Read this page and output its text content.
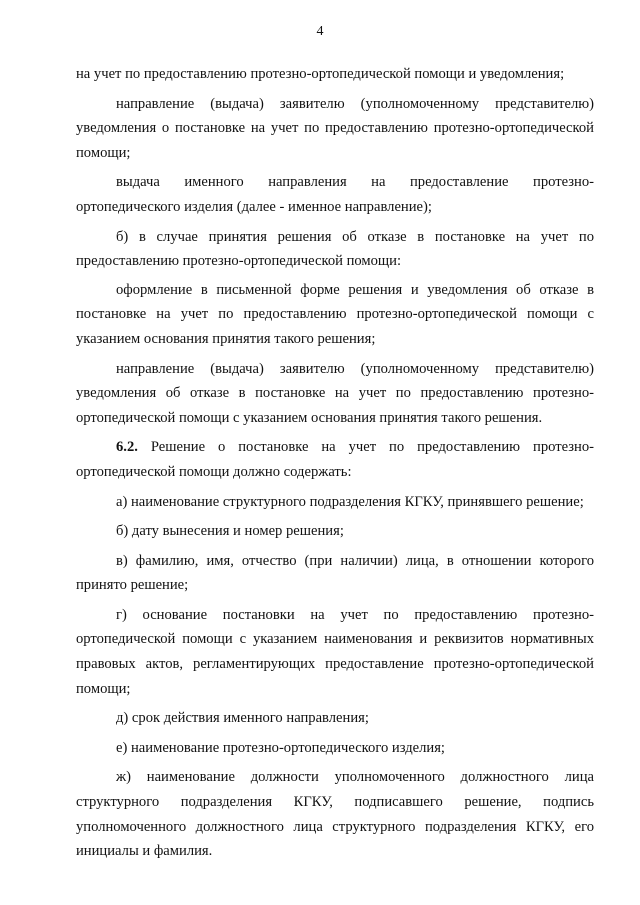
4

на учет по предоставлению протезно-ортопедической помощи и уведомления;

направление (выдача) заявителю (уполномоченному представителю) уведомления о постановке на учет по предоставлению протезно-ортопедической помощи;

выдача именного направления на предоставление протезно-ортопедического изделия (далее - именное направление);

б) в случае принятия решения об отказе в постановке на учет по предоставлению протезно-ортопедической помощи:

оформление в письменной форме решения и уведомления об отказе в постановке на учет по предоставлению протезно-ортопедической помощи с указанием основания принятия такого решения;

направление (выдача) заявителю (уполномоченному представителю) уведомления об отказе в постановке на учет по предоставлению протезно-ортопедической помощи с указанием основания принятия такого решения.

6.2. Решение о постановке на учет по предоставлению протезно-ортопедической помощи должно содержать:

а) наименование структурного подразделения КГКУ, принявшего решение;

б) дату вынесения и номер решения;

в) фамилию, имя, отчество (при наличии) лица, в отношении которого принято решение;

г) основание постановки на учет по предоставлению протезно-ортопедической помощи с указанием наименования и реквизитов нормативных правовых актов, регламентирующих предоставление протезно-ортопедической помощи;

д) срок действия именного направления;

е) наименование протезно-ортопедического изделия;

ж) наименование должности уполномоченного должностного лица структурного подразделения КГКУ, подписавшего решение, подпись уполномоченного должностного лица структурного подразделения КГКУ, его инициалы и фамилия.
